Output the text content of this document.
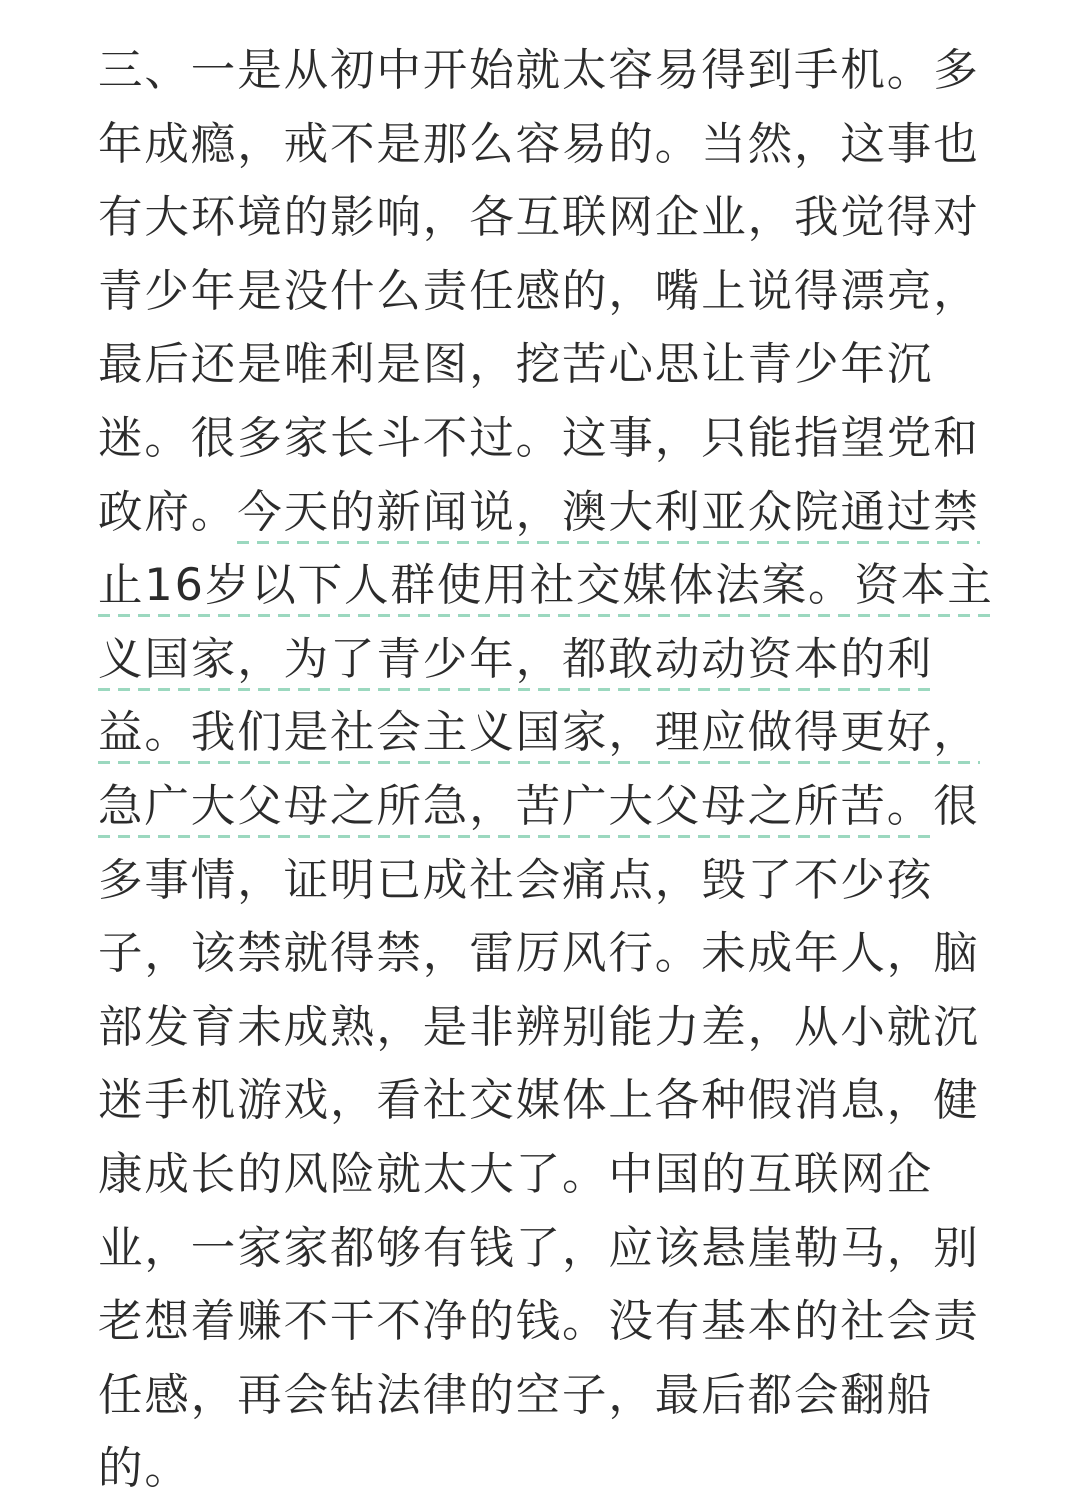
三、一是从初中开始就太容易得到手机。多
年成瘾，戒不是那么容易的。当然，这事也
有大环境的影响，各互联网企业，我觉得对
青少年是没什么责任感的，嘴上说得漂亮，
最后还是唯利是图，挖苦心思让青少年沉
迷。很多家长斗不过。这事，只能指望党和
政府。今天的新闻说，澳大利亚众院通过禁
止16岁以下人群使用社交媒体法案。资本主
义国家，为了青少年，都敢动动资本的利
益。我们是社会主义国家，理应做得更好，
急广大父母之所急，苦广大父母之所苦。很
多事情，证明已成社会痛点，毁了不少孩
子，该禁就得禁，雷厉风行。未成年人，脑
部发育未成熟，是非辨别能力差，从小就沉
迷手机游戏，看社交媒体上各种假消息，健
康成长的风险就太大了。中国的互联网企
业，一家家都够有钱了，应该悬崖勒马，别
老想着赚不干不净的钱。没有基本的社会责
任感，再会钻法律的空子，最后都会翻船
的。
